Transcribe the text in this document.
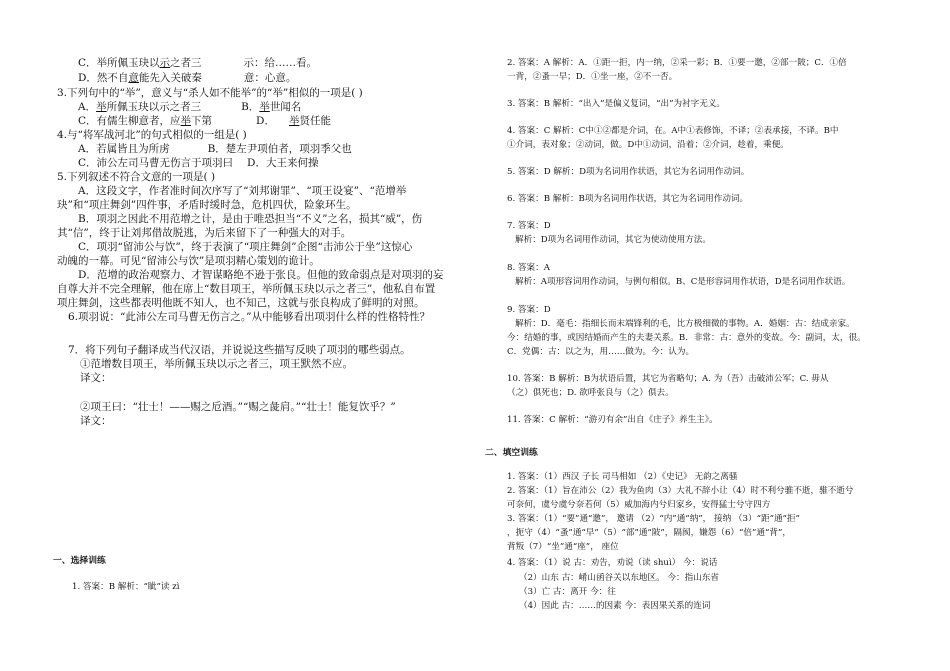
C．举所佩玉玦以示之者三	示：给……看。
D．然不自意能先入关破秦	意：心意。
3.下列句中的“举”，意义与“杀人如不能举”的“举”相似的一项是( )
A．举所佩玉玦以示之者三	B．举世闻名
C．有儒生柳意者，应举下第	D． 举贤任能
4.与“将军战河北”的句式相似的一组是( )
A．若属皆且为所虏	B．楚左尹项伯者，项羽季父也
C．沛公左司马曹无伤言于项羽曰 D．大王来何操
5.下列叙述不符合文意的一项是( )
A．这段文字，作者准时间次序写了“刘邦谢罪”、“项王设宴”、“范增举
玦”和“项庄舞剑”四件事，矛盾时缓时急，危机四伏，险象环生。
B．项羽之因此不用范增之计，是由于唯恐担当“不义”之名，损其“威”，伤
其“信”，终于让刘邦借故脱逃，为后来留下了一种强大的对手。
C．项羽“留沛公与饮”，终于表演了“项庄舞剑”企图“击沛公于坐”这惊心
动魄的一幕。可见“留沛公与饮”是项羽精心策划的诡计。
D．范增的政治观察力、才智谋略绝不逊于张良。但他的致命弱点是对项羽的妄
自尊大并不完全理解，他在席上“数目项王，举所佩玉玦以示之者三”，他私自布置
项庄舞剑，这些都表明他既不知人，也不知己，这就与张良构成了鲜明的对照。
6.项羽说：“此沛公左司马曹无伤言之。”从中能够看出项羽什么样的性格特性？
7．将下列句子翻译成当代汉语，并说说这些描写反映了项羽的哪些弱点。
①范增数目项王，举所佩玉玦以示之者三，项王默然不应。
译文：
②项王曰：“壮士！——赐之卮酒。”“赐之彘肩。”“壮士！能复饮乎？”
译文：
一、选择训练
1. 答案：B 解析：“眦”读 zì
2. 答案：A 解析：A．①距一拒，内一纳，②采一彩；B．①要一邀，②部一陂；C．①倍
一背，②蚤一早；D．①坐一座，②不一否。
3. 答案：B 解析：“出入”是偏义复词，“出”为衬字无义。
4. 答案：C 解析：C中①②都是介词，在。A中①表修饰，不译；②表承接，不译。B中
①介词，表对象；②动词，做。D中①动词，沿着；②介词，趁着，乘便。
5. 答案：D 解析：D项为名词用作状语，其它为名词用作动词。
6. 答案：B 解析：B项为名词用作状语，其它为名词用作动词。
7. 答案：D
解析：D项为名词用作动词，其它为使动使用方法。
8. 答案：A
解析：A项形容词用作动词，与例句相似。B、C是形容词用作状语，D是名词用作状语。
9. 答案：D
解析：D．毫毛：指细长而末端锋利的毛，比方极细微的事物。A．婚姻：古：结成亲家。
今：结婚的事，或因结婚而产生的夫妻关系。B．非常：古：意外的变故。今：副词，太，很。
C．党偶：古：以之为，用……做为。今：认为。
10. 答案：B 解析：B为状语后置，其它为省略句；A. 为（吾）击破沛公军；C. 毋从
（之）俱死也；D. 欲呼张良与（之）俱去。
11. 答案：C 解析：“游刃有余”出自《庄子》养生主》。
二、填空训练
1. 答案：（1）西汉 子长 司马相如 （2）《史记》 无韵之离骚
2. 答案：（1）旨在沛公（2）我为鱼肉（3）大礼不辞小让（4）时不利兮骓不逝，骓不逝兮
可奈何，虞兮虞兮奈若何（5）威加海内兮归家乡，安得猛士兮守四方
3. 答案：（1）“要”通“邀”， 邀请 （2）“内”通“纳”， 接纳 （3）“距”通“拒”
，扼守（4）“蚤”通“早”（5）“部”通“陂”，隔阂，嫌怨（6）“倍”通“背”，
背叛（7）“坐”通“座”， 座位
4. 答案：（1）说 古：劝告，劝说（读 shuì） 今：说话
（2）山东 古：崤山函谷关以东地区。 今：指山东省
（3）亡 古：离开 今：往
（4）因此 古：……的因素 今：表因果关系的连词
